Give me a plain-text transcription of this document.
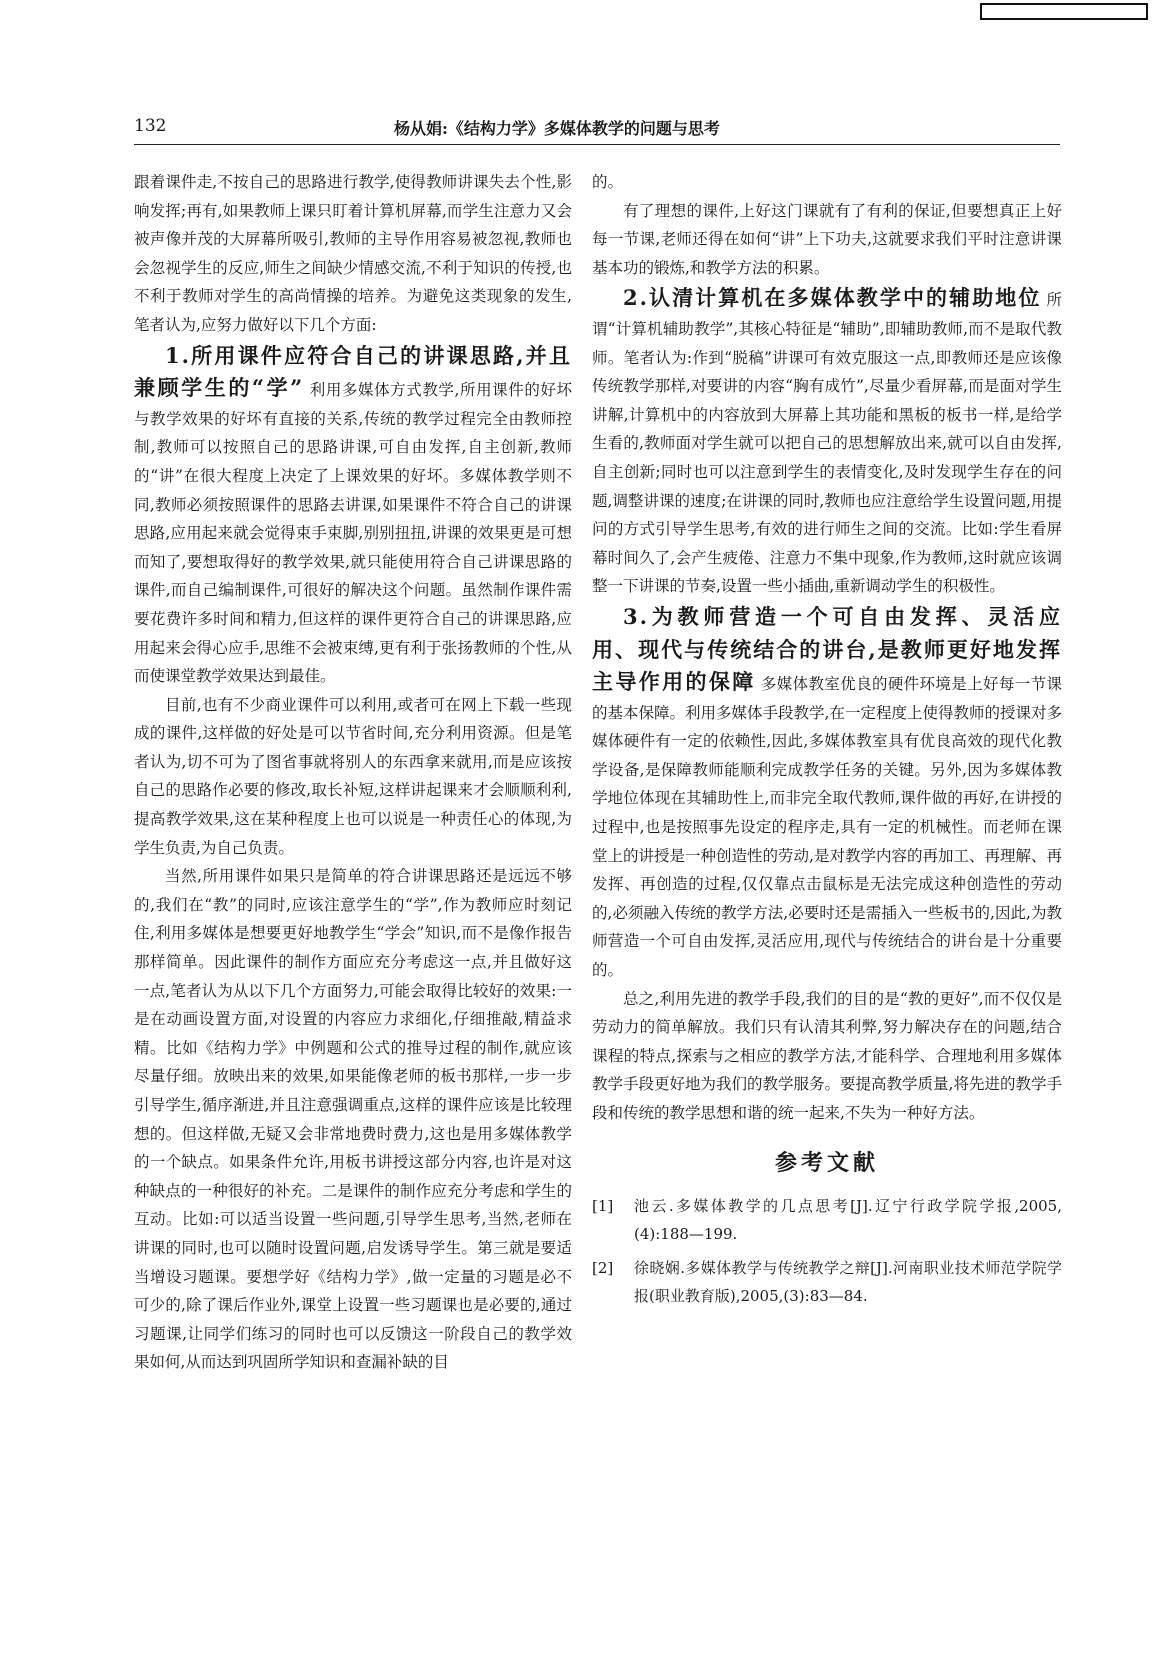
132	杨从娟:《结构力学》多媒体教学的问题与思考

跟着课件走,不按自己的思路进行教学,使得教师讲课失去个性,影响发挥;再有,如果教师上课只盯着计算机屏幕,而学生注意力又会被声像并茂的大屏幕所吸引,教师的主导作用容易被忽视,教师也会忽视学生的反应,师生之间缺少情感交流,不利于知识的传授,也不利于教师对学生的高尚情操的培养。为避免这类现象的发生,笔者认为,应努力做好以下几个方面:

1.所用课件应符合自己的讲课思路,并且兼顾学生的“学” 利用多媒体方式教学,所用课件的好坏与教学效果的好坏有直接的关系,传统的教学过程完全由教师控制,教师可以按照自己的思路讲课,可自由发挥,自主创新,教师的“讲”在很大程度上决定了上课效果的好坏。多媒体教学则不同,教师必须按照课件的思路去讲课,如果课件不符合自己的讲课思路,应用起来就会觉得束手束脚,别别扭扭,讲课的效果更是可想而知了,要想取得好的教学效果,就只能使用符合自己讲课思路的课件,而自己编制课件,可很好的解决这个问题。虽然制作课件需要花费许多时间和精力,但这样的课件更符合自己的讲课思路,应用起来会得心应手,思维不会被束缚,更有利于张扬教师的个性,从而使课堂教学效果达到最佳。

目前,也有不少商业课件可以利用,或者可在网上下载一些现成的课件,这样做的好处是可以节省时间,充分利用资源。但是笔者认为,切不可为了图省事就将别人的东西拿来就用,而是应该按自己的思路作必要的修改,取长补短,这样讲起课来才会顺顺利利,提高教学效果,这在某种程度上也可以说是一种责任心的体现,为学生负责,为自己负责。

当然,所用课件如果只是简单的符合讲课思路还是远远不够的,我们在“教”的同时,应该注意学生的“学”,作为教师应时刻记住,利用多媒体是想要更好地教学生“学会”知识,而不是像作报告那样简单。因此课件的制作方面应充分考虑这一点,并且做好这一点,笔者认为从以下几个方面努力,可能会取得比较好的效果:一是在动画设置方面,对设置的内容应力求细化,仔细推敲,精益求精。比如《结构力学》中例题和公式的推导过程的制作,就应该尽量仔细。放映出来的效果,如果能像老师的板书那样,一步一步引导学生,循序渐进,并且注意强调重点,这样的课件应该是比较理想的。但这样做,无疑又会非常地费时费力,这也是用多媒体教学的一个缺点。如果条件允许,用板书讲授这部分内容,也许是对这种缺点的一种很好的补充。二是课件的制作应充分考虑和学生的互动。比如:可以适当设置一些问题,引导学生思考,当然,老师在讲课的同时,也可以随时设置问题,启发诱导学生。第三就是要适当增设习题课。要想学好《结构力学》,做一定量的习题是必不可少的,除了课后作业外,课堂上设置一些习题课也是必要的,通过习题课,让同学们练习的同时也可以反馈这一阶段自己的教学效果如何,从而达到巩固所学知识和查漏补缺的目

的。

有了理想的课件,上好这门课就有了有利的保证,但要想真正上好每一节课,老师还得在如何“讲”上下功夫,这就要求我们平时注意讲课基本功的锻炼,和教学方法的积累。

2.认清计算机在多媒体教学中的辅助地位 所谓“计算机辅助教学”,其核心特征是“辅助”,即辅助教师,而不是取代教师。笔者认为:作到“脱稿”讲课可有效克服这一点,即教师还是应该像传统教学那样,对要讲的内容“胸有成竹”,尽量少看屏幕,而是面对学生讲解,计算机中的内容放到大屏幕上其功能和黑板的板书一样,是给学生看的,教师面对学生就可以把自己的思想解放出来,就可以自由发挥,自主创新;同时也可以注意到学生的表情变化,及时发现学生存在的问题,调整讲课的速度;在讲课的同时,教师也应注意给学生设置问题,用提问的方式引导学生思考,有效的进行师生之间的交流。比如:学生看屏幕时间久了,会产生疲倦、注意力不集中现象,作为教师,这时就应该调整一下讲课的节奏,设置一些小插曲,重新调动学生的积极性。

3.为教师营造一个可自由发挥、灵活应用、现代与传统结合的讲台,是教师更好地发挥主导作用的保障 多媒体教室优良的硬件环境是上好每一节课的基本保障。利用多媒体手段教学,在一定程度上使得教师的授课对多媒体硬件有一定的依赖性,因此,多媒体教室具有优良高效的现代化教学设备,是保障教师能顺利完成教学任务的关键。另外,因为多媒体教学地位体现在其辅助性上,而非完全取代教师,课件做的再好,在讲授的过程中,也是按照事先设定的程序走,具有一定的机械性。而老师在课堂上的讲授是一种创造性的劳动,是对教学内容的再加工、再理解、再发挥、再创造的过程,仅仅靠点击鼠标是无法完成这种创造性的劳动的,必须融入传统的教学方法,必要时还是需插入一些板书的,因此,为教师营造一个可自由发挥,灵活应用,现代与传统结合的讲台是十分重要的。

总之,利用先进的教学手段,我们的目的是“教的更好”,而不仅仅是劳动力的简单解放。我们只有认清其利弊,努力解决存在的问题,结合课程的特点,探索与之相应的教学方法,才能科学、合理地利用多媒体教学手段更好地为我们的教学服务。要提高教学质量,将先进的教学手段和传统的教学思想和谐的统一起来,不失为一种好方法。

参考文献
[1]	池云.多媒体教学的几点思考[J].辽宁行政学院学报,2005,(4):188—199.
[2]	徐晓娴.多媒体教学与传统教学之辩[J].河南职业技术师范学院学报(职业教育版),2005,(3):83—84.
